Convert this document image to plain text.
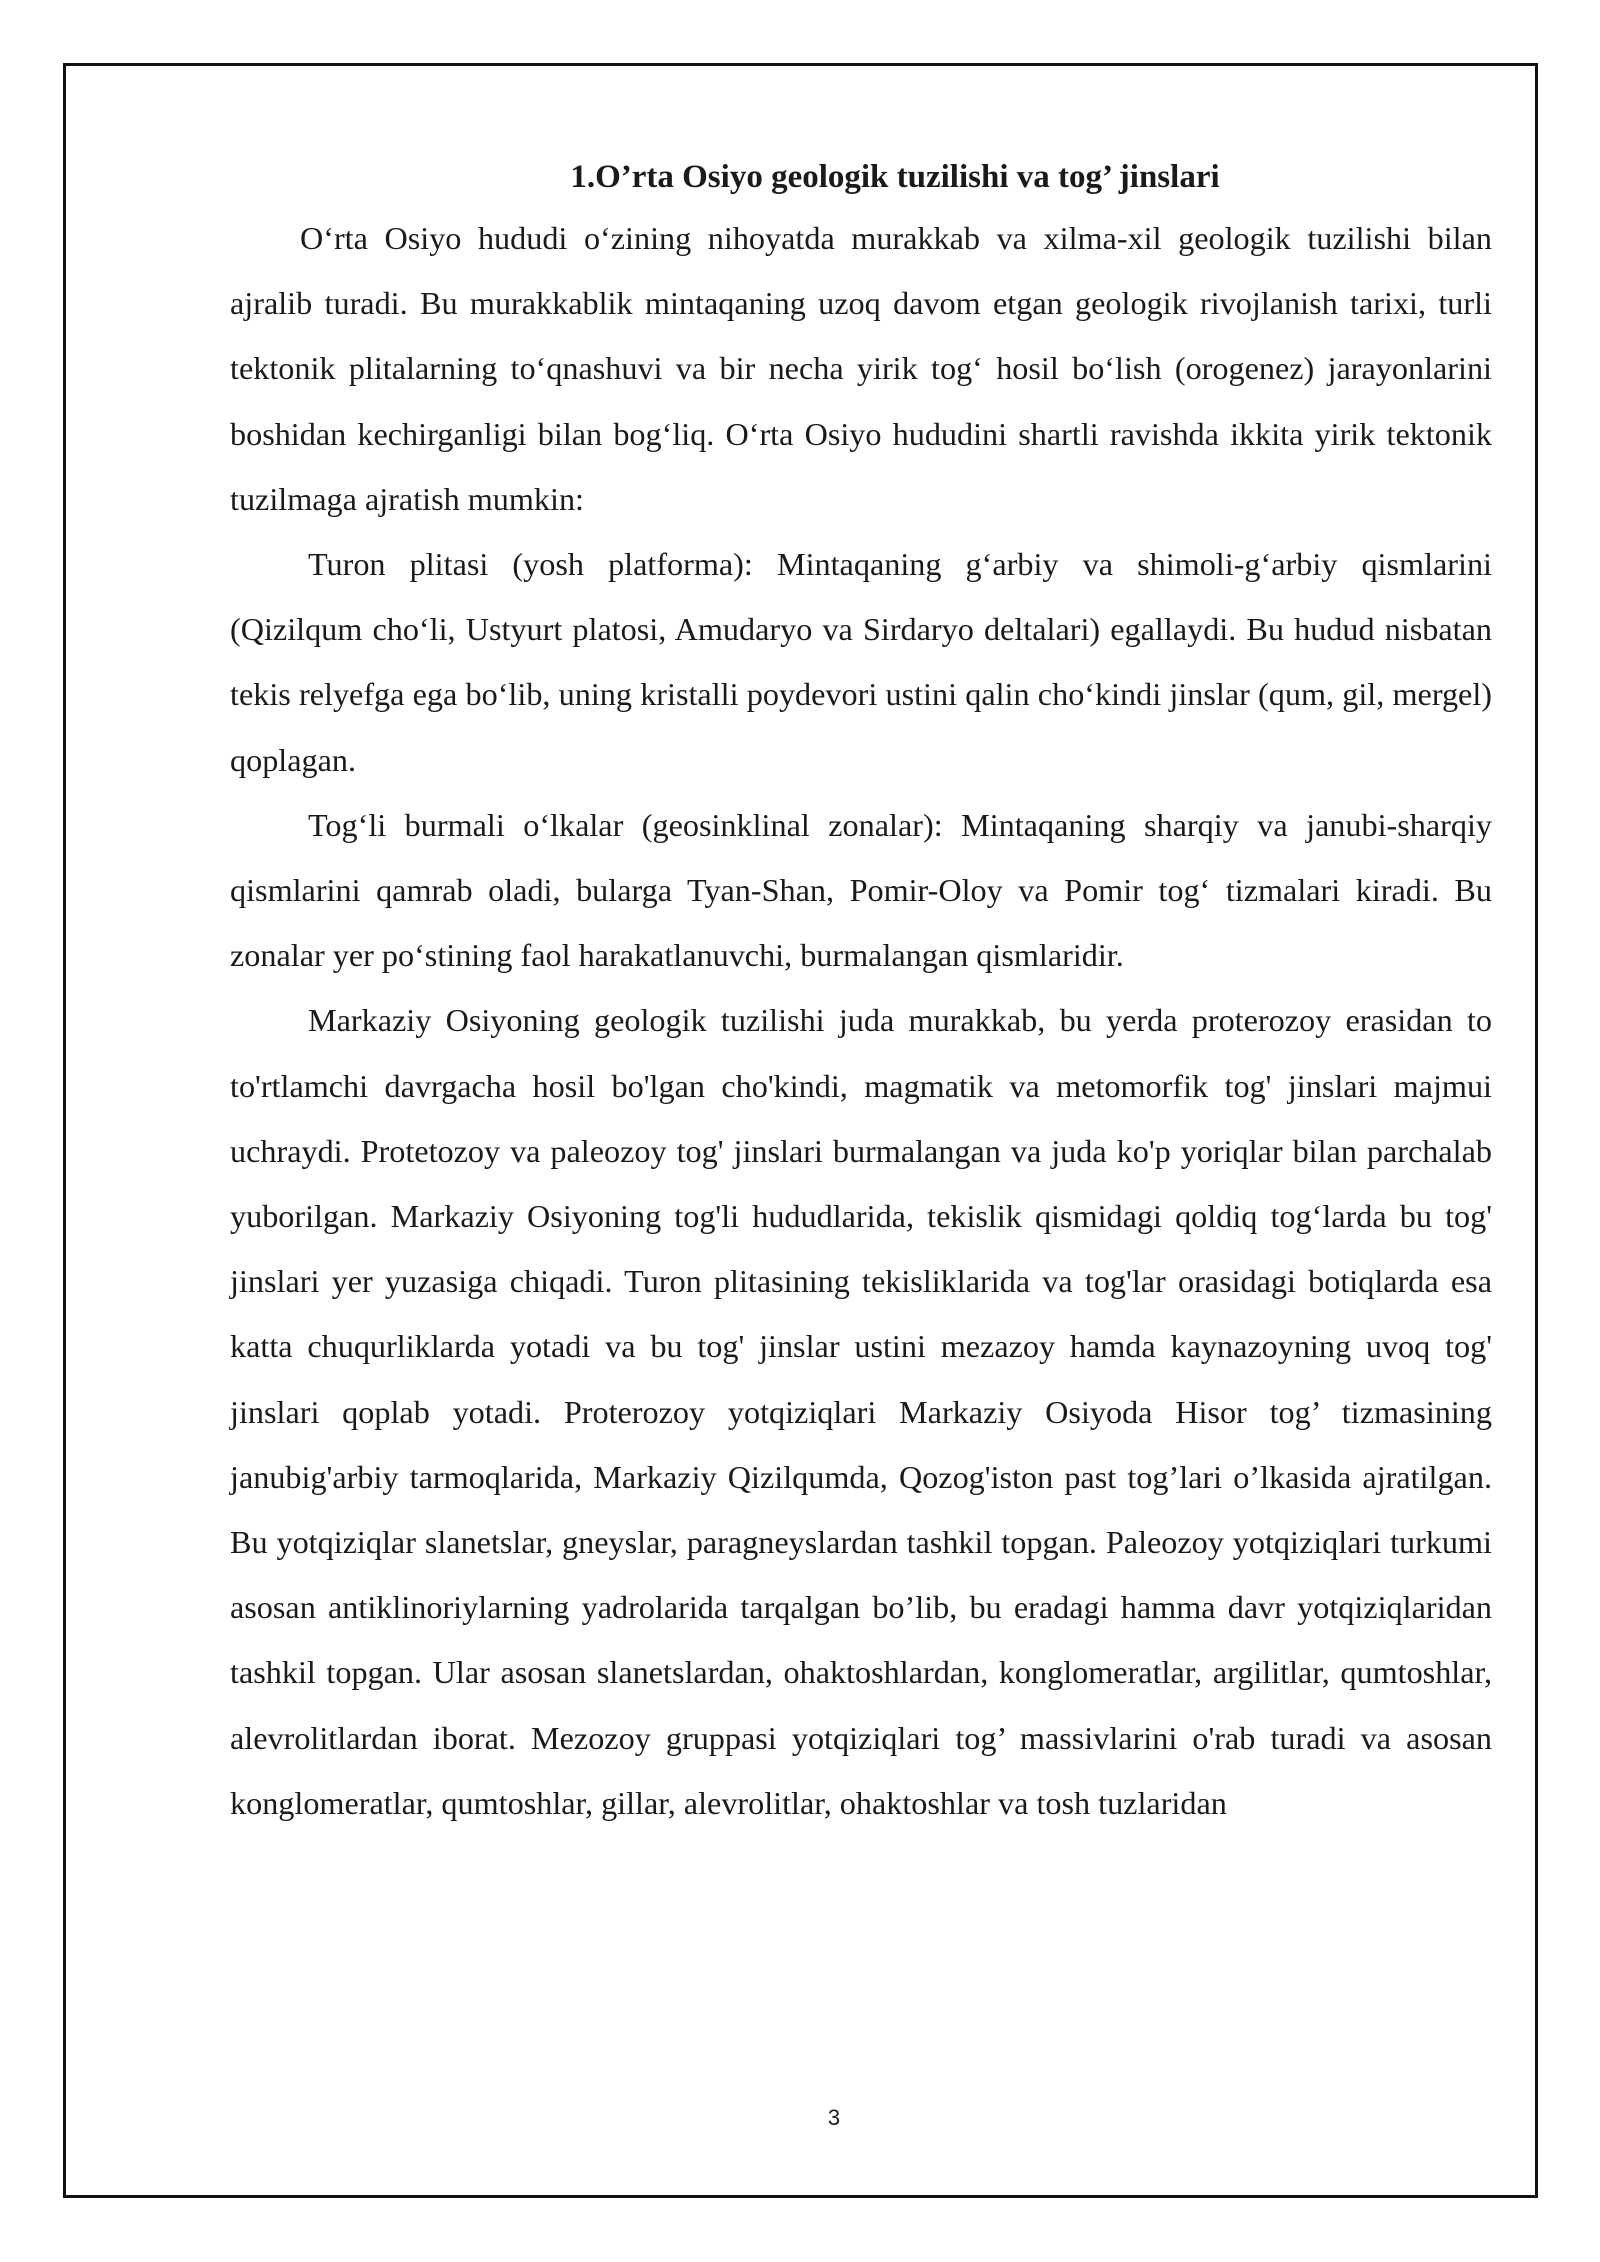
1.O’rta Osiyo geologik tuzilishi va tog’ jinslari

O‘rta Osiyo hududi o‘zining nihoyatda murakkab va xilma-xil geologik tuzilishi bilan ajralib turadi. Bu murakkablik mintaqaning uzoq davom etgan geologik rivojlanish tarixi, turli tektonik plitalarning to‘qnashuvi va bir necha yirik tog‘ hosil bo‘lish (orogenez) jarayonlarini boshidan kechirganligi bilan bog‘liq. O‘rta Osiyo hududini shartli ravishda ikkita yirik tektonik tuzilmaga ajratish mumkin:

Turon plitasi (yosh platforma): Mintaqaning g‘arbiy va shimoli-g‘arbiy qismlarini (Qizilqum cho‘li, Ustyurt platosi, Amudaryo va Sirdaryo deltalari) egallaydi. Bu hudud nisbatan tekis relyefga ega bo‘lib, uning kristalli poydevori ustini qalin cho‘kindi jinslar (qum, gil, mergel) qoplagan.

Tog‘li burmali o‘lkalar (geosinklinal zonalar): Mintaqaning sharqiy va janubi-sharqiy qismlarini qamrab oladi, bularga Tyan-Shan, Pomir-Oloy va Pomir tog‘ tizmalari kiradi. Bu zonalar yer po‘stining faol harakatlanuvchi, burmalangan qismlaridir.

Markaziy Osiyoning geologik tuzilishi juda murakkab, bu yerda proterozoy erasidan to to'rtlamchi davrgacha hosil bo'lgan cho'kindi, magmatik va metomorfik tog' jinslari majmui uchraydi. Protetozoy va paleozoy tog' jinslari burmalangan va juda ko'p yoriqlar bilan parchalab yuborilgan. Markaziy Osiyoning tog'li hududlarida, tekislik qismidagi qoldiq tog‘larda bu tog' jinslari yer yuzasiga chiqadi. Turon plitasining tekisliklarida va tog'lar orasidagi botiqlarda esa katta chuqurliklarda yotadi va bu tog' jinslar ustini mezazoy hamda kaynazoyning uvoq tog' jinslari qoplab yotadi. Proterozoy yotqiziqlari Markaziy Osiyoda Hisor tog’ tizmasining janubig'arbiy tarmoqlarida, Markaziy Qizilqumda, Qozog'iston past tog’lari o’lkasida ajratilgan. Bu yotqiziqlar slanetslar, gneyslar, paragneyslardan tashkil topgan. Paleozoy yotqiziqlari turkumi asosan antiklinoriylarning yadrolarida tarqalgan bo’lib, bu eradagi hamma davr yotqiziqlaridan tashkil topgan. Ular asosan slanetslardan, ohaktoshlardan, konglomeratlar, argilitlar, qumtoshlar, alevrolitlardan iborat. Mezozoy gruppasi yotqiziqlari tog’ massivlarini o'rab turadi va asosan konglomeratlar, qumtoshlar, gillar, alevrolitlar, ohaktoshlar va tosh tuzlaridan

3
